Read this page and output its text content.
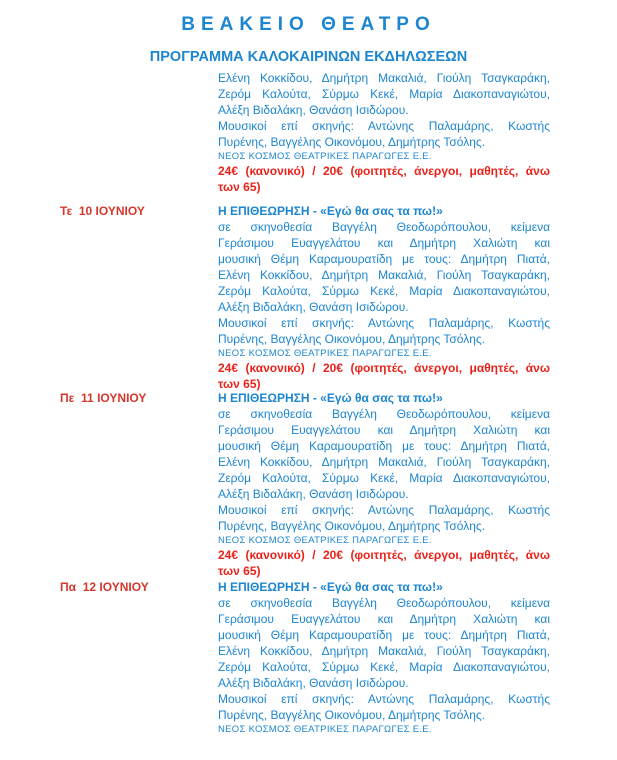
ΒΕΑΚΕΙΟ ΘΕΑΤΡΟ
ΠΡΟΓΡΑΜΜΑ ΚΑΛΟΚΑΙΡΙΝΩΝ ΕΚΔΗΛΩΣΕΩΝ
Ελένη Κοκκίδου, Δημήτρη Μακαλιά, Γιούλη Τσαγκαράκη,
Ζερόμ Καλούτα, Σύρμω Κεκέ, Μαρία Διακοπαναγιώτου,
Αλέξη Βιδαλάκη, Θανάση Ισιδώρου.
Μουσικοί επί σκηνής: Αντώνης Παλαμάρης, Κωστής
Πυρένης, Βαγγέλης Οικονόμου, Δημήτρης Τσόλης.
ΝΕΟΣ ΚΟΣΜΟΣ ΘΕΑΤΡΙΚΕΣ ΠΑΡΑΓΩΓΕΣ Ε.Ε.
24€ (κανονικό) / 20€ (φοιτητές, άνεργοι, μαθητές, άνω
των 65)
Τε 10 ΙΟΥΝΙΟΥ	Η ΕΠΙΘΕΩΡΗΣΗ - «Εγώ θα σας τα πω!»
σε σκηνοθεσία Βαγγέλη Θεοδωρόπουλου, κείμενα
Γεράσιμου Ευαγγελάτου και Δημήτρη Χαλιώτη και
μουσική Θέμη Καραμουρατίδη με τους: Δημήτρη Πιατά,
Ελένη Κοκκίδου, Δημήτρη Μακαλιά, Γιούλη Τσαγκαράκη,
Ζερόμ Καλούτα, Σύρμω Κεκέ, Μαρία Διακοπαναγιώτου,
Αλέξη Βιδαλάκη, Θανάση Ισιδώρου.
Μουσικοί επί σκηνής: Αντώνης Παλαμάρης, Κωστής
Πυρένης, Βαγγέλης Οικονόμου, Δημήτρης Τσόλης.
ΝΕΟΣ ΚΟΣΜΟΣ ΘΕΑΤΡΙΚΕΣ ΠΑΡΑΓΩΓΕΣ Ε.Ε.
24€ (κανονικό) / 20€ (φοιτητές, άνεργοι, μαθητές, άνω
των 65)
Πε 11 ΙΟΥΝΙΟΥ	Η ΕΠΙΘΕΩΡΗΣΗ - «Εγώ θα σας τα πω!»
σε σκηνοθεσία Βαγγέλη Θεοδωρόπουλου, κείμενα
Γεράσιμου Ευαγγελάτου και Δημήτρη Χαλιώτη και
μουσική Θέμη Καραμουρατίδη με τους: Δημήτρη Πιατά,
Ελένη Κοκκίδου, Δημήτρη Μακαλιά, Γιούλη Τσαγκαράκη,
Ζερόμ Καλούτα, Σύρμω Κεκέ, Μαρία Διακοπαναγιώτου,
Αλέξη Βιδαλάκη, Θανάση Ισιδώρου.
Μουσικοί επί σκηνής: Αντώνης Παλαμάρης, Κωστής
Πυρένης, Βαγγέλης Οικονόμου, Δημήτρης Τσόλης.
ΝΕΟΣ ΚΟΣΜΟΣ ΘΕΑΤΡΙΚΕΣ ΠΑΡΑΓΩΓΕΣ Ε.Ε.
24€ (κανονικό) / 20€ (φοιτητές, άνεργοι, μαθητές, άνω
των 65)
Πα 12 ΙΟΥΝΙΟΥ	Η ΕΠΙΘΕΩΡΗΣΗ - «Εγώ θα σας τα πω!»
σε σκηνοθεσία Βαγγέλη Θεοδωρόπουλου, κείμενα
Γεράσιμου Ευαγγελάτου και Δημήτρη Χαλιώτη και
μουσική Θέμη Καραμουρατίδη με τους: Δημήτρη Πιατά,
Ελένη Κοκκίδου, Δημήτρη Μακαλιά, Γιούλη Τσαγκαράκη,
Ζερόμ Καλούτα, Σύρμω Κεκέ, Μαρία Διακοπαναγιώτου,
Αλέξη Βιδαλάκη, Θανάση Ισιδώρου.
Μουσικοί επί σκηνής: Αντώνης Παλαμάρης, Κωστής
Πυρένης, Βαγγέλης Οικονόμου, Δημήτρης Τσόλης.
ΝΕΟΣ ΚΟΣΜΟΣ ΘΕΑΤΡΙΚΕΣ ΠΑΡΑΓΩΓΕΣ Ε.Ε.
